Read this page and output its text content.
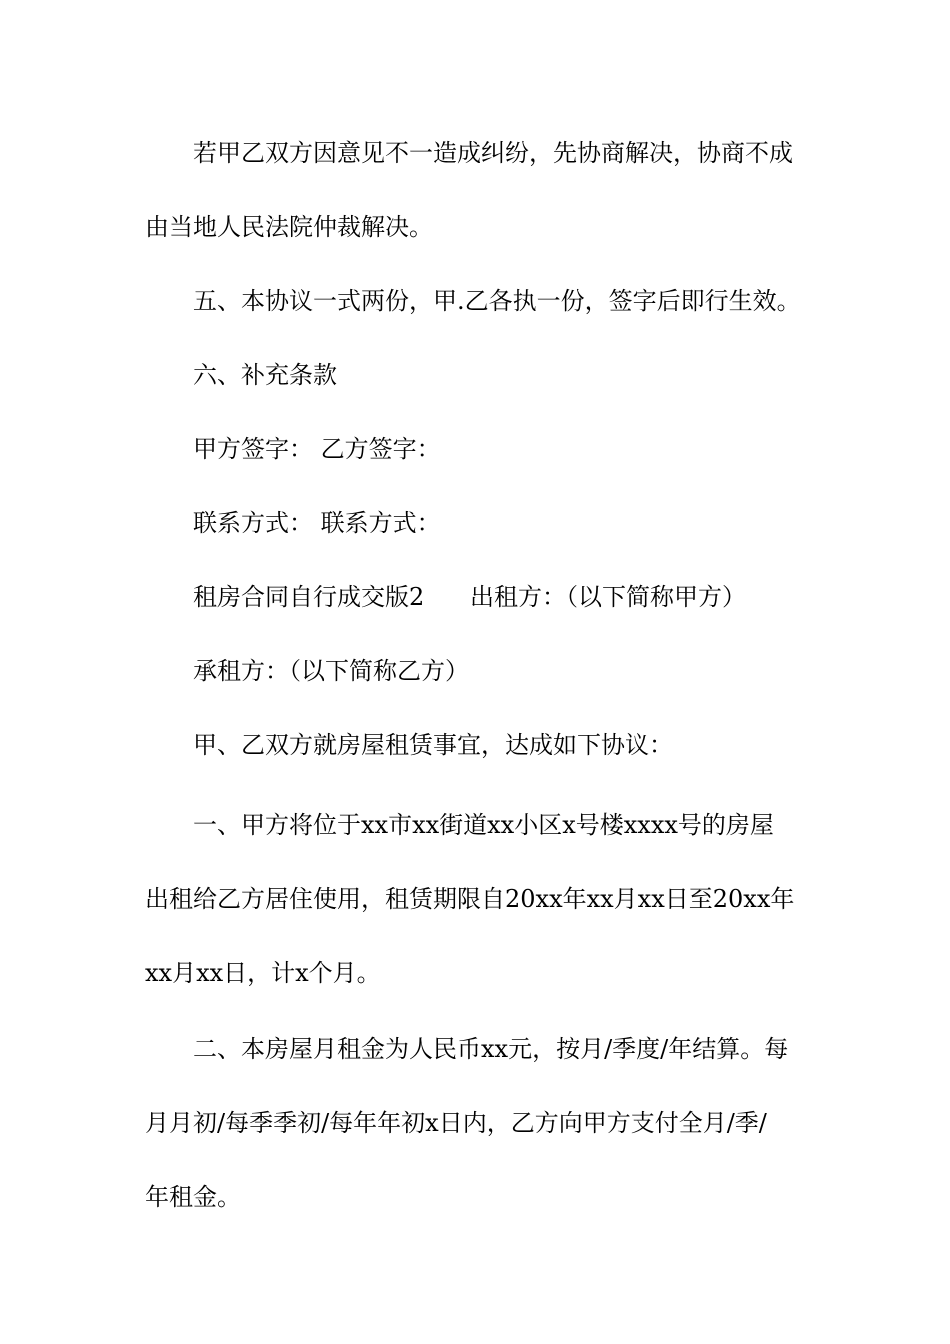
若甲乙双方因意见不一造成纠纷，先协商解决，协商不成
由当地人民法院仲裁解决。
五、本协议一式两份，甲.乙各执一份，签字后即行生效。
六、补充条款
甲方签字： 乙方签字：
联系方式： 联系方式：
租房合同自行成交版2      出租方：（以下简称甲方）
承租方：（以下简称乙方）
甲、乙双方就房屋租赁事宜，达成如下协议：
一、甲方将位于xx市xx街道xx小区x号楼xxxx号的房屋
出租给乙方居住使用，租赁期限自20xx年xx月xx日至20xx年
xx月xx日，计x个月。
二、本房屋月租金为人民币xx元，按月/季度/年结算。每
月月初/每季季初/每年年初x日内，乙方向甲方支付全月/季/
年租金。
